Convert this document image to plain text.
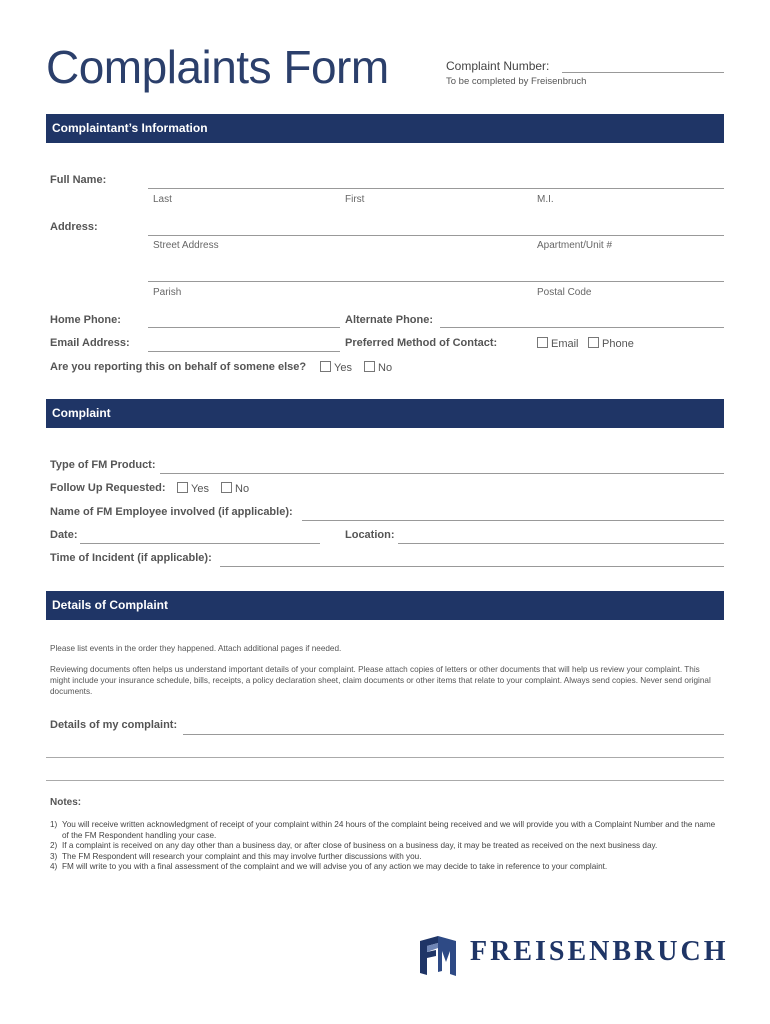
Complaints Form	Complaint Number:
To be completed by Freisenbruch
Complaintant’s Information
Full Name:
Last	First	M.I.
Address:
Street Address	Apartment/Unit #
Parish	Postal Code
Home Phone:	Alternate Phone:
Email Address:	Preferred Method of Contact:	Email	Phone
Are you reporting this on behalf of somene else?	Yes	No
Complaint
Type of FM Product:
Follow Up Requested:	Yes	No
Name of FM Employee involved (if applicable):
Date:	Location:
Time of Incident (if applicable):
Details of Complaint
Please list events in the order they happened. Attach additional pages if needed.
Reviewing documents often helps us understand important details of your complaint. Please attach copies of letters or other documents that will help us review your complaint. This might include your insurance schedule, bills, receipts, a policy declaration sheet, claim documents or other items that relate to your complaint. Always send copies. Never send original documents.
Details of my complaint:
Notes:
1) You will receive written acknowledgment of receipt of your complaint within 24 hours of the complaint being received and we will provide you with a Complaint Number and the name of the FM Respondent handling your case.
2) If a complaint is received on any day other than a business day, or after close of business on a business day, it may be treated as received on the next business day.
3) The FM Respondent will research your complaint and this may involve further discussions with you.
4) FM will write to you with a final assessment of the complaint and we will advise you of any action we may decide to take in reference to your complaint.
FREISENBRUCH
